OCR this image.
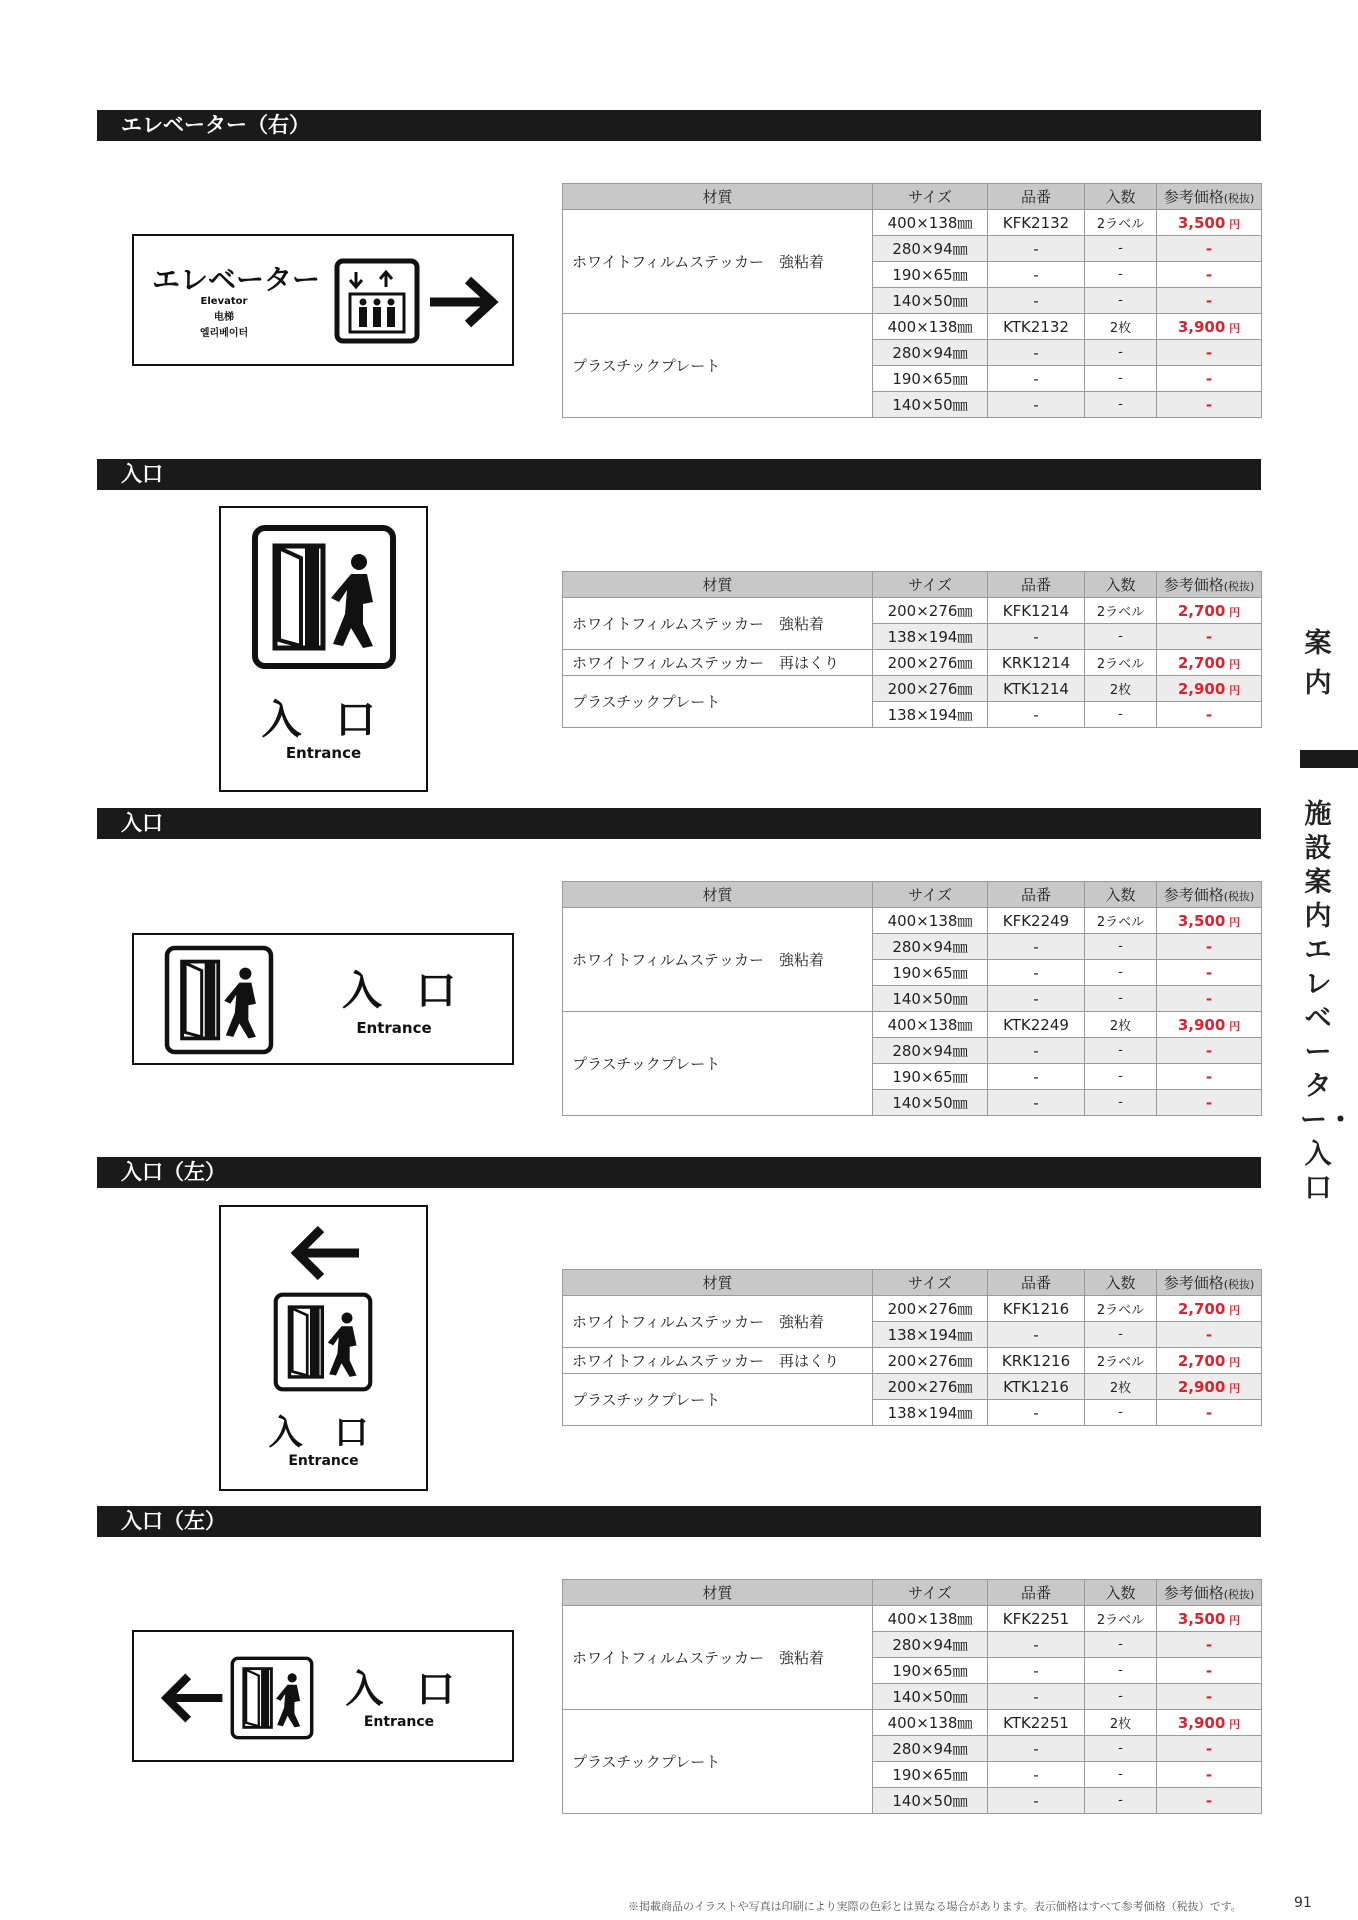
エレベーター（右）
入口
入口
入口（左）
入口（左）
エレベーター
Elevator
电梯
엘리베이터
入 口
Entrance
入 口
Entrance
入 口
Entrance
入 口
Entrance
材質	サイズ	品番	入数	参考価格(税抜)
ホワイトフィルムステッカー　強粘着	400×138㎜	KFK2132	2ラベル	3,500 円
	280×94㎜	-	-	-
	190×65㎜	-	-	-
	140×50㎜	-	-	-
プラスチックプレート	400×138㎜	KTK2132	2枚	3,900 円
	280×94㎜	-	-	-
	190×65㎜	-	-	-
	140×50㎜	-	-	-
材質	サイズ	品番	入数	参考価格(税抜)
ホワイトフィルムステッカー　強粘着	200×276㎜	KFK1214	2ラベル	2,700 円
	138×194㎜	-	-	-
ホワイトフィルムステッカー　再はくり	200×276㎜	KRK1214	2ラベル	2,700 円
プラスチックプレート	200×276㎜	KTK1214	2枚	2,900 円
	138×194㎜	-	-	-
材質	サイズ	品番	入数	参考価格(税抜)
ホワイトフィルムステッカー　強粘着	400×138㎜	KFK2249	2ラベル	3,500 円
	280×94㎜	-	-	-
	190×65㎜	-	-	-
	140×50㎜	-	-	-
プラスチックプレート	400×138㎜	KTK2249	2枚	3,900 円
	280×94㎜	-	-	-
	190×65㎜	-	-	-
	140×50㎜	-	-	-
材質	サイズ	品番	入数	参考価格(税抜)
ホワイトフィルムステッカー　強粘着	200×276㎜	KFK1216	2ラベル	2,700 円
	138×194㎜	-	-	-
ホワイトフィルムステッカー　再はくり	200×276㎜	KRK1216	2ラベル	2,700 円
プラスチックプレート	200×276㎜	KTK1216	2枚	2,900 円
	138×194㎜	-	-	-
材質	サイズ	品番	入数	参考価格(税抜)
ホワイトフィルムステッカー　強粘着	400×138㎜	KFK2251	2ラベル	3,500 円
	280×94㎜	-	-	-
	190×65㎜	-	-	-
	140×50㎜	-	-	-
プラスチックプレート	400×138㎜	KTK2251	2枚	3,900 円
	280×94㎜	-	-	-
	190×65㎜	-	-	-
	140×50㎜	-	-	-
案内
施設案内　エレベーター・入口
※掲載商品のイラストや写真は印刷により実際の色彩とは異なる場合があります。表示価格はすべて参考価格（税抜）です。	91
